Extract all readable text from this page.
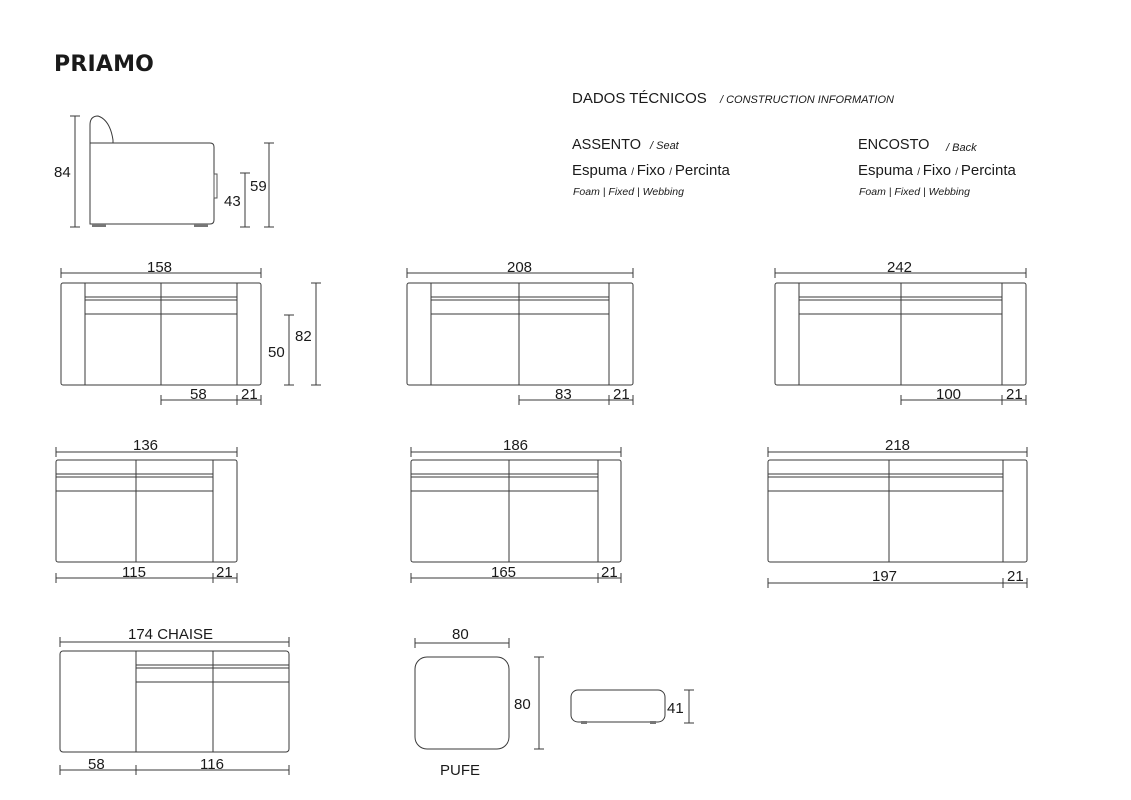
PRIAMO
DADOS TÉCNICOS / CONSTRUCTION INFORMATION
ASSENTO / Seat
Espuma / Fixo / Percinta
Foam | Fixed | Webbing
ENCOSTO / Back
Espuma / Fixo / Percinta
Foam | Fixed | Webbing
84
43
59
158
58 21
50
82
208
83	21
242
100	21
136
115	21
186
165	21
218
197	21
174 CHAISE
58	116
80
80
PUFE
41
